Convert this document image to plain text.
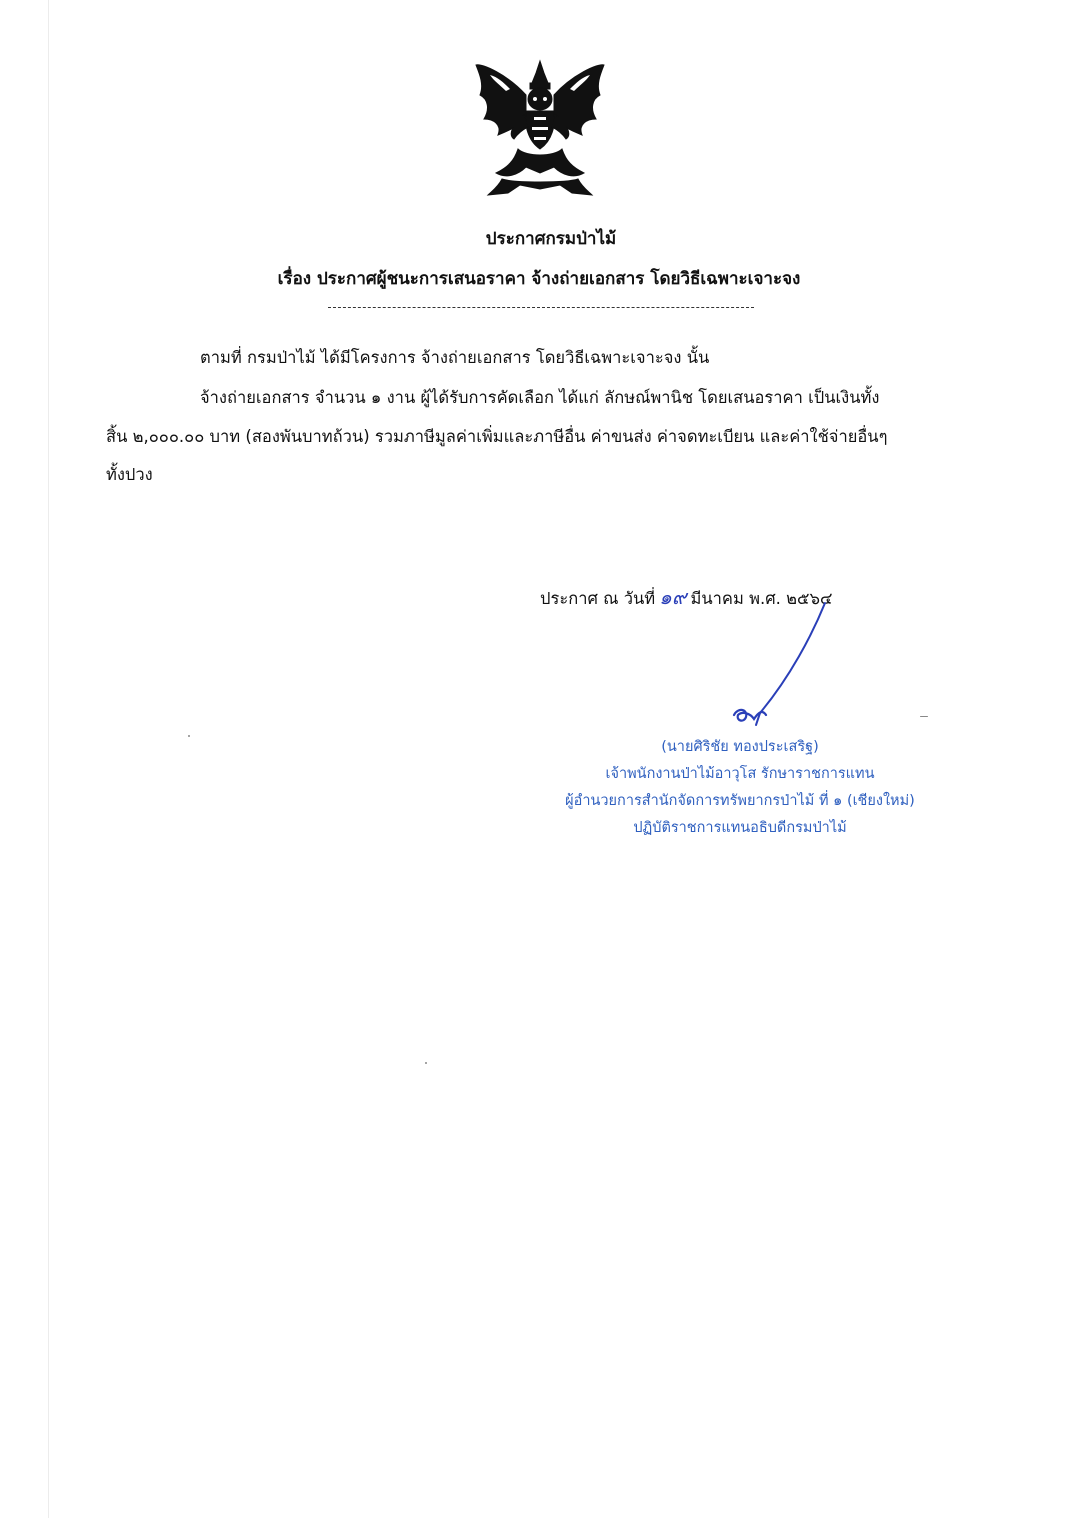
ประกาศกรมป่าไม้
เรื่อง ประกาศผู้ชนะการเสนอราคา จ้างถ่ายเอกสาร โดยวิธีเฉพาะเจาะจง
ตามที่ กรมป่าไม้ ได้มีโครงการ จ้างถ่ายเอกสาร โดยวิธีเฉพาะเจาะจง นั้น
จ้างถ่ายเอกสาร จำนวน ๑ งาน ผู้ได้รับการคัดเลือก ได้แก่ ลักษณ์พานิช โดยเสนอราคา เป็นเงินทั้ง
สิ้น ๒,๐๐๐.๐๐ บาท (สองพันบาทถ้วน) รวมภาษีมูลค่าเพิ่มและภาษีอื่น ค่าขนส่ง ค่าจดทะเบียน และค่าใช้จ่ายอื่นๆ
ทั้งปวง
ประกาศ ณ วันที่ ๑๙ มีนาคม พ.ศ. ๒๕๖๔
(นายศิริชัย ทองประเสริฐ)
เจ้าพนักงานป่าไม้อาวุโส รักษาราชการแทน
ผู้อำนวยการสำนักจัดการทรัพยากรป่าไม้ ที่ ๑ (เชียงใหม่)
ปฏิบัติราชการแทนอธิบดีกรมป่าไม้
